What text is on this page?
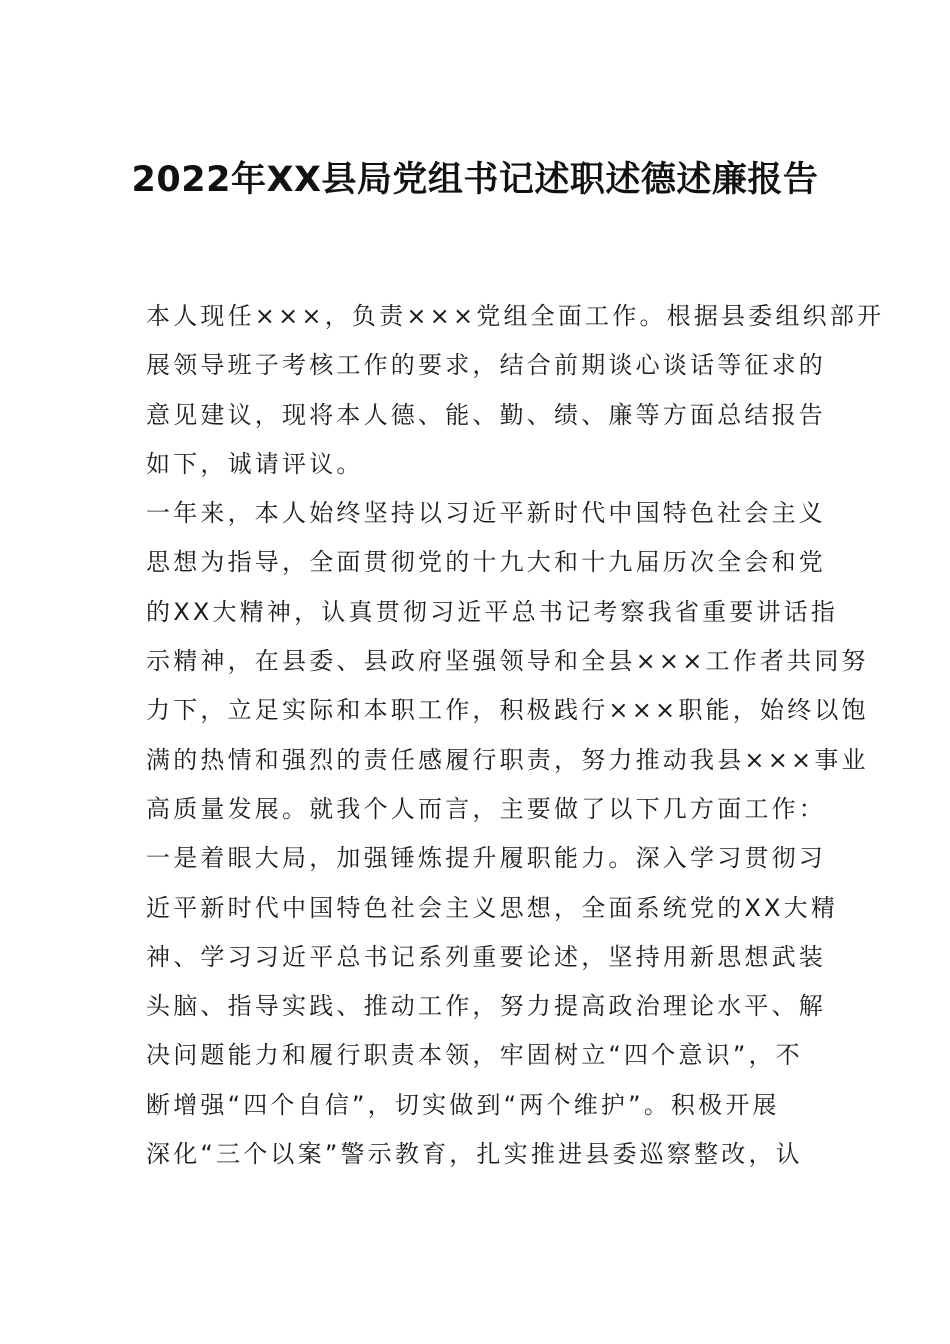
2022年XX县局党组书记述职述德述廉报告

本人现任×××，负责×××党组全面工作。根据县委组织部开
展领导班子考核工作的要求，结合前期谈心谈话等征求的
意见建议，现将本人德、能、勤、绩、廉等方面总结报告
如下，诚请评议。

一年来，本人始终坚持以习近平新时代中国特色社会主义
思想为指导，全面贯彻党的十九大和十九届历次全会和党
的XX大精神，认真贯彻习近平总书记考察我省重要讲话指
示精神，在县委、县政府坚强领导和全县×××工作者共同努
力下，立足实际和本职工作，积极践行×××职能，始终以饱
满的热情和强烈的责任感履行职责，努力推动我县×××事业
高质量发展。就我个人而言，主要做了以下几方面工作：

一是着眼大局，加强锤炼提升履职能力。深入学习贯彻习
近平新时代中国特色社会主义思想，全面系统党的XX大精
神、学习习近平总书记系列重要论述，坚持用新思想武装
头脑、指导实践、推动工作，努力提高政治理论水平、解
决问题能力和履行职责本领，牢固树立“四个意识”，不
断增强“四个自信”，切实做到“两个维护”。积极开展
深化“三个以案”警示教育，扎实推进县委巡察整改，认
